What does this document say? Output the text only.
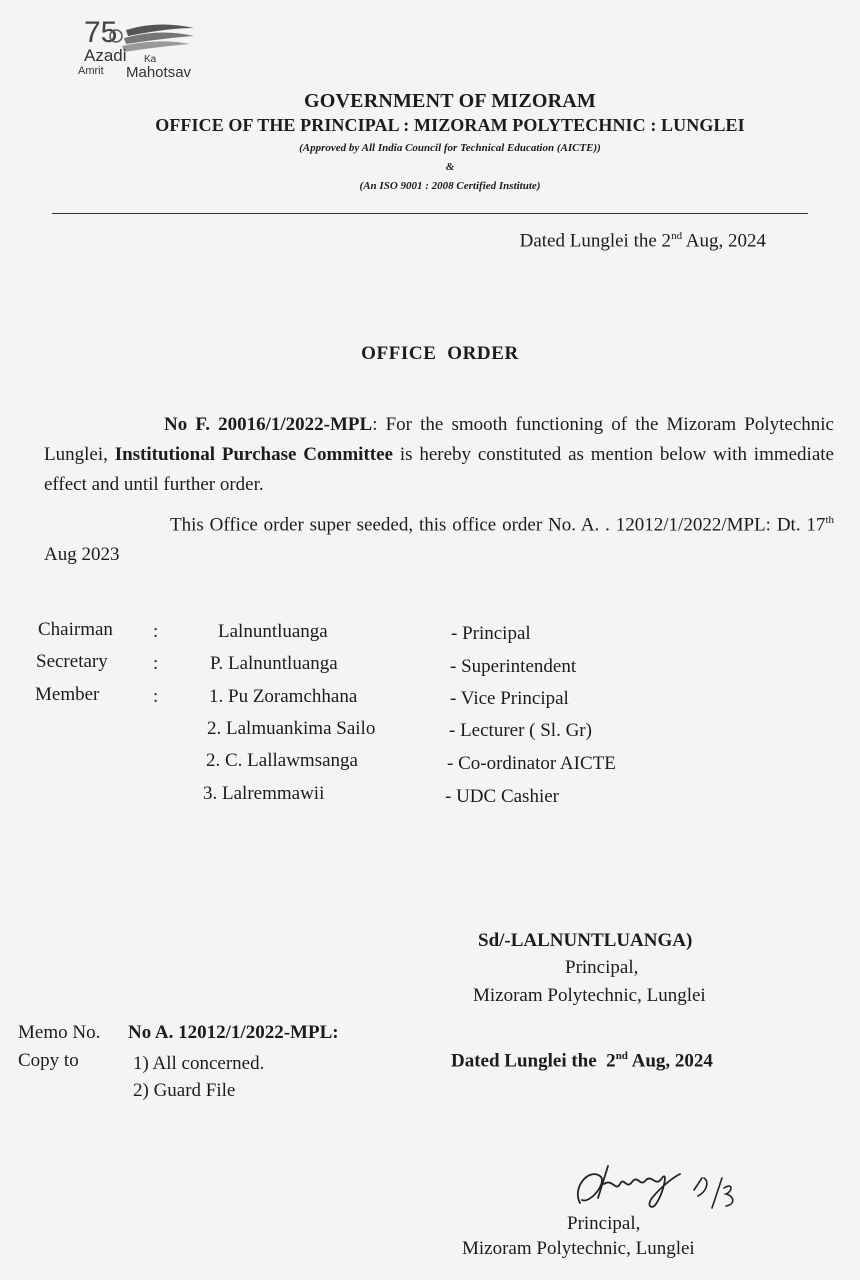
75
Azadi Ka
Amrit Mahotsav
GOVERNMENT OF MIZORAM
OFFICE OF THE PRINCIPAL : MIZORAM POLYTECHNIC : LUNGLEI
(Approved by All India Council for Technical Education (AICTE))
&
(An ISO 9001 : 2008 Certified Institute)
Dated Lunglei the 2nd Aug, 2024
OFFICE  ORDER
No F. 20016/1/2022-MPL: For the smooth functioning of the Mizoram Polytechnic Lunglei, Institutional Purchase Committee is hereby constituted as mention below with immediate effect and until further order.
This Office order super seeded, this office order No. A. . 12012/1/2022/MPL: Dt. 17th Aug 2023
Chairman :	Lalnuntluanga	- Principal
Secretary :	P. Lalnuntluanga	- Superintendent
Member	:	1. Pu Zoramchhana	- Vice Principal
2. Lalmuankima Sailo	- Lecturer ( Sl. Gr)
2. C. Lallawmsanga	- Co-ordinator AICTE
3. Lalremmawii	- UDC Cashier
Sd/-LALNUNTLUANGA)
Principal,
Mizoram Polytechnic, Lunglei
Memo No. No A. 12012/1/2022-MPL:

Dated Lunglei the  2nd Aug, 2024

Copy to	1) All concerned.
2) Guard File
Principal,
Mizoram Polytechnic, Lunglei
